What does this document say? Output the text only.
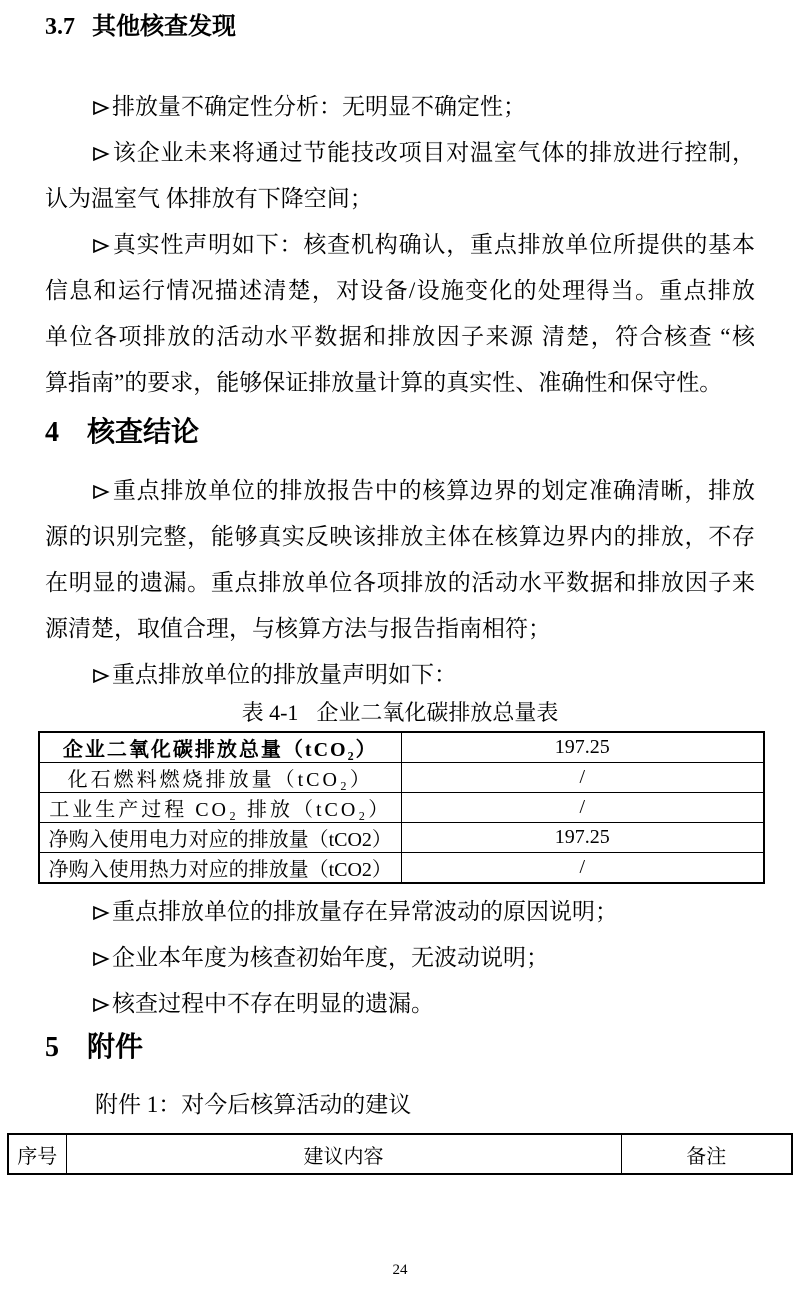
3.7 其他核查发现
排放量不确定性分析：无明显不确定性；
该企业未来将通过节能技改项目对温室气体的排放进行控制，
认为温室气 体排放有下降空间；
真实性声明如下：核查机构确认，重点排放单位所提供的基本
信息和运行情况描述清楚，对设备/设施变化的处理得当。重点排放
单位各项排放的活动水平数据和排放因子来源 清楚，符合核查 “核
算指南”的要求，能够保证排放量计算的真实性、准确性和保守性。
4 核查结论
重点排放单位的排放报告中的核算边界的划定准确清晰，排放
源的识别完整，能够真实反映该排放主体在核算边界内的排放，不存
在明显的遗漏。重点排放单位各项排放的活动水平数据和排放因子来
源清楚，取值合理，与核算方法与报告指南相符；
重点排放单位的排放量声明如下：
表 4-1 企业二氧化碳排放总量表
企业二氧化碳排放总量（tCO₂）	197.25
化石燃料燃烧排放量（tCO₂）	/
工业生产过程 CO₂ 排放（tCO₂）	/
净购入使用电力对应的排放量（tCO2）	197.25
净购入使用热力对应的排放量（tCO2）	/
重点排放单位的排放量存在异常波动的原因说明；
企业本年度为核查初始年度，无波动说明；
核查过程中不存在明显的遗漏。
5 附件
附件 1：对今后核算活动的建议
序号	建议内容	备注
24
